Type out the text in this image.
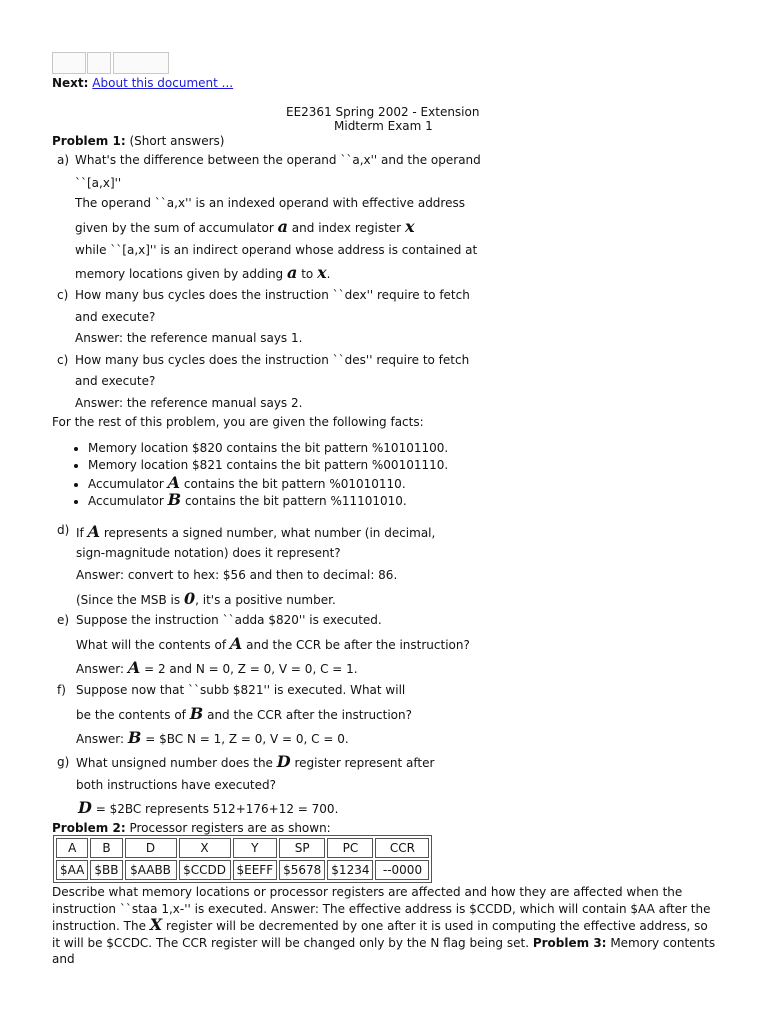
Next: About this document ...
EE2361 Spring 2002 - Extension
Midterm Exam 1
Problem 1: (Short answers)
a) What's the difference between the operand ``a,x'' and the operand
``[a,x]''
The operand ``a,x'' is an indexed operand with effective address
given by the sum of accumulator a and index register x
while ``[a,x]'' is an indirect operand whose address is contained at
memory locations given by adding a to x.
c) How many bus cycles does the instruction ``dex'' require to fetch
and execute?
Answer: the reference manual says 1.
c) How many bus cycles does the instruction ``des'' require to fetch
and execute?
Answer: the reference manual says 2.
For the rest of this problem, you are given the following facts:
• Memory location $820 contains the bit pattern %10101100.
• Memory location $821 contains the bit pattern %00101110.
• Accumulator A contains the bit pattern %01010110.
• Accumulator B contains the bit pattern %11101010.
d) If A represents a signed number, what number (in decimal,
sign-magnitude notation) does it represent?
Answer: convert to hex: $56 and then to decimal: 86.
(Since the MSB is 0, it's a positive number.
e) Suppose the instruction ``adda $820'' is executed.
What will the contents of A and the CCR be after the instruction?
Answer: A = 2 and N = 0, Z = 0, V = 0, C = 1.
f) Suppose now that ``subb $821'' is executed. What will
be the contents of B and the CCR after the instruction?
Answer: B = $BC N = 1, Z = 0, V = 0, C = 0.
g) What unsigned number does the D register represent after
both instructions have executed?
D = $2BC represents 512+176+12 = 700.
Problem 2: Processor registers are as shown:
A	B	D	X	Y	SP	PC	CCR
$AA	$BB	$AABB	$CCDD	$EEFF	$5678	$1234	--0000
Describe what memory locations or processor registers are affected and how they are affected when the instruction ``staa 1,x-'' is executed. Answer: The effective address is $CCDD, which will contain $AA after the instruction. The X register will be decremented by one after it is used in computing the effective address, so it will be $CCDC. The CCR register will be changed only by the N flag being set. Problem 3: Memory contents and
